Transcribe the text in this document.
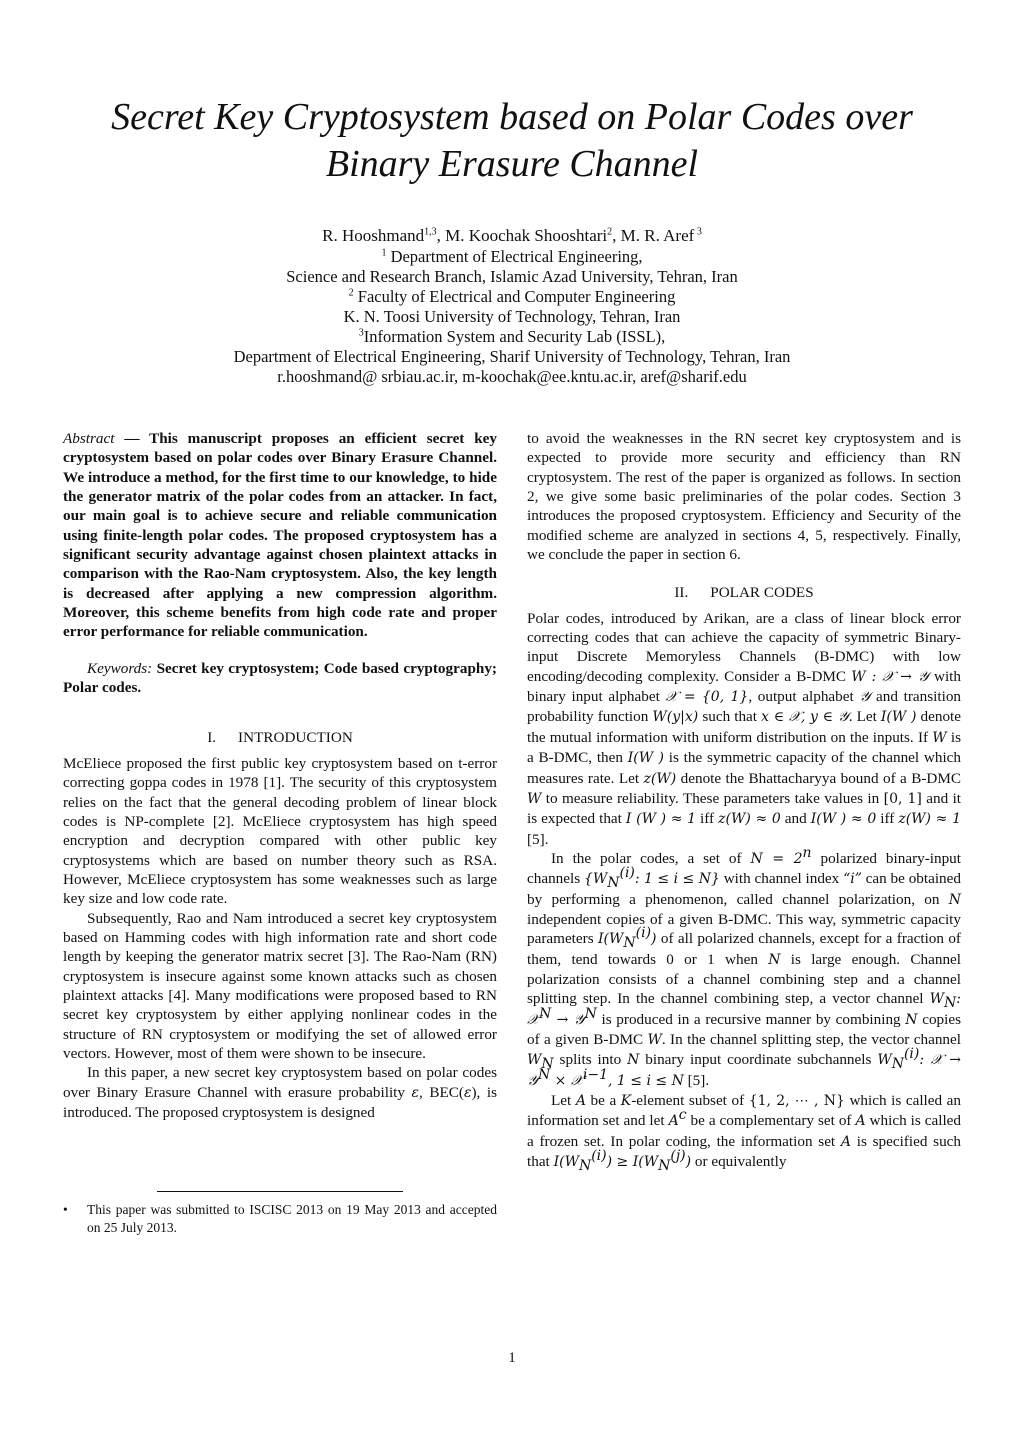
Secret Key Cryptosystem based on Polar Codes over
Binary Erasure Channel
R. Hooshmand$^{1,3}$, M. Koochak Shooshtari$^2$, M. R. Aref $^3$
$^1$ Department of Electrical Engineering,
Science and Research Branch, Islamic Azad University, Tehran, Iran
$^2$ Faculty of Electrical and Computer Engineering
K. N. Toosi University of Technology, Tehran, Iran
$^3$Information System and Security Lab (ISSL),
Department of Electrical Engineering, Sharif University of Technology, Tehran, Iran
r.hooshmand@ srbiau.ac.ir, m-koochak@ee.kntu.ac.ir, aref@sharif.edu

Abstract — This manuscript proposes an efficient secret key cryptosystem based on polar codes over Binary Erasure Channel. We introduce a method, for the first time to our knowledge, to hide the generator matrix of the polar codes from an attacker. In fact, our main goal is to achieve secure and reliable communication using finite-length polar codes. The proposed cryptosystem has a significant security advantage against chosen plaintext attacks in comparison with the Rao-Nam cryptosystem. Also, the key length is decreased after applying a new compression algorithm. Moreover, this scheme benefits from high code rate and proper error performance for reliable communication.

Keywords: Secret key cryptosystem; Code based cryptography; Polar codes.

I. INTRODUCTION

McEliece proposed the first public key cryptosystem based on t-error correcting goppa codes in 1978 [1]. The security of this cryptosystem relies on the fact that the general decoding problem of linear block codes is NP-complete [2]. McEliece cryptosystem has high speed encryption and decryption compared with other public key cryptosystems which are based on number theory such as RSA. However, McEliece cryptosystem has some weaknesses such as large key size and low code rate.

Subsequently, Rao and Nam introduced a secret key cryptosystem based on Hamming codes with high information rate and short code length by keeping the generator matrix secret [3]. The Rao-Nam (RN) cryptosystem is insecure against some known attacks such as chosen plaintext attacks [4]. Many modifications were proposed based to RN secret key cryptosystem by either applying nonlinear codes in the structure of RN cryptosystem or modifying the set of allowed error vectors. However, most of them were shown to be insecure.

In this paper, a new secret key cryptosystem based on polar codes over Binary Erasure Channel with erasure probability ε, BEC(ε), is introduced. The proposed cryptosystem is designed

• This paper was submitted to ISCISC 2013 on 19 May 2013 and accepted on 25 July 2013.

to avoid the weaknesses in the RN secret key cryptosystem and is expected to provide more security and efficiency than RN cryptosystem. The rest of the paper is organized as follows. In section 2, we give some basic preliminaries of the polar codes. Section 3 introduces the proposed cryptosystem. Efficiency and Security of the modified scheme are analyzed in sections 4, 5, respectively. Finally, we conclude the paper in section 6.

II. POLAR CODES

Polar codes, introduced by Arikan, are a class of linear block error correcting codes that can achieve the capacity of symmetric Binary-input Discrete Memoryless Channels (B-DMC) with low encoding/decoding complexity. Consider a B-DMC W : 𝒳 → 𝒴 with binary input alphabet 𝒳 = {0, 1}, output alphabet 𝒴 and transition probability function W(y|x) such that x ∈ 𝒳, y ∈ 𝒴. Let I(W ) denote the mutual information with uniform distribution on the inputs. If W is a B-DMC, then I(W ) is the symmetric capacity of the channel which measures rate. Let z(W) denote the Bhattacharyya bound of a B-DMC W to measure reliability. These parameters take values in [0, 1] and it is expected that I (W ) ≈ 1 iff z(W) ≈ 0 and I(W ) ≈ 0 iff z(W) ≈ 1 [5].

In the polar codes, a set of $N = 2^n$ polarized binary-input channels {$W_N^{(i)}$: 1 ≤ i ≤ N} with channel index “i” can be obtained by performing a phenomenon, called channel polarization, on N independent copies of a given B-DMC. This way, symmetric capacity parameters $I(W_N^{(i)})$ of all polarized channels, except for a fraction of them, tend towards 0 or 1 when N is large enough. Channel polarization consists of a channel combining step and a channel splitting step. In the channel combining step, a vector channel $W_N$: 𝒳$^N$ → 𝒴$^N$ is produced in a recursive manner by combining N copies of a given B-DMC W. In the channel splitting step, the vector channel $W_N$ splits into N binary input coordinate subchannels $W_N^{(i)}$: 𝒳 → 𝒴$^N$ × 𝒳$^{i-1}$, 1 ≤ i ≤ N [5].

Let A be a K-element subset of {1, 2, ⋯ , N} which is called an information set and let $A^c$ be a complementary set of A which is called a frozen set. In polar coding, the information set A is specified such that $I(W_N^{(i)}) \ge I(W_N^{(j)})$ or equivalently

1
